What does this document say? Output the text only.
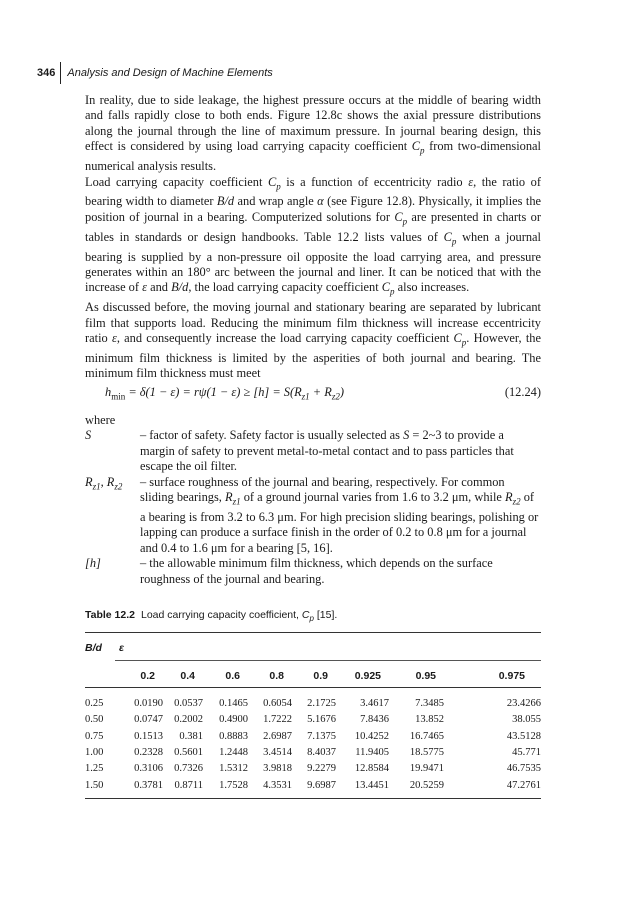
346	Analysis and Design of Machine Elements

In reality, due to side leakage, the highest pressure occurs at the middle of bearing width and falls rapidly close to both ends. Figure 12.8c shows the axial pressure distributions along the journal through the line of maximum pressure. In journal bearing design, this effect is considered by using load carrying capacity coefficient $C_p$ from two-dimensional numerical analysis results.

Load carrying capacity coefficient $C_p$ is a function of eccentricity radio ε, the ratio of bearing width to diameter B/d and wrap angle α (see Figure 12.8). Physically, it implies the position of journal in a bearing. Computerized solutions for $C_p$ are presented in charts or tables in standards or design handbooks. Table 12.2 lists values of $C_p$ when a journal bearing is supplied by a non-pressure oil opposite the load carrying area, and pressure generates within an 180° arc between the journal and liner. It can be noticed that with the increase of ε and B/d, the load carrying capacity coefficient $C_p$ also increases.

As discussed before, the moving journal and stationary bearing are separated by lubricant film that supports load. Reducing the minimum film thickness will increase eccentricity ratio ε, and consequently increase the load carrying capacity coefficient $C_p$. However, the minimum film thickness is limited by the asperities of both journal and bearing. The minimum film thickness must meet

$h_{min} = \delta(1 - \varepsilon) = r\psi(1 - \varepsilon) \ge [h] = S(R_{z1} + R_{z2})$	(12.24)
where
S	– factor of safety. Safety factor is usually selected as S = 2~3 to provide a margin of safety to prevent metal-to-metal contact and to pass particles that escape the oil filter.
$R_{z1}$, $R_{z2}$	– surface roughness of the journal and bearing, respectively. For common sliding bearings, $R_{z1}$ of a ground journal varies from 1.6 to 3.2 μm, while $R_{z2}$ of a bearing is from 3.2 to 6.3 μm. For high precision sliding bearings, polishing or lapping can produce a surface finish in the order of 0.2 to 0.8 μm for a journal and 0.4 to 1.6 μm for a bearing [5, 16].
[h]	– the allowable minimum film thickness, which depends on the surface roughness of the journal and bearing.
Table 12.2 Load carrying capacity coefficient, $C_p$ [15].
B/d ε
0.2 0.4	0.6	0.8	0.9	0.925	0.95	0.975
0.25	0.0190 0.0537 0.1465 0.6054 2.1725 3.4617 7.3485	23.4266
0.50	0.0747 0.2002 0.4900 1.7222 5.1676 7.8436 13.852	38.055
0.75	0.1513 0.381 0.8883 2.6987 7.1375 10.4252 16.7465	43.5128
1.00	0.2328 0.5601 1.2448 3.4514 8.4037 11.9405 18.5775	45.771
1.25	0.3106 0.7326 1.5312 3.9818 9.2279 12.8584 19.9471	46.7535
1.50	0.3781 0.8711 1.7528 4.3531 9.6987 13.4451 20.5259	47.2761
